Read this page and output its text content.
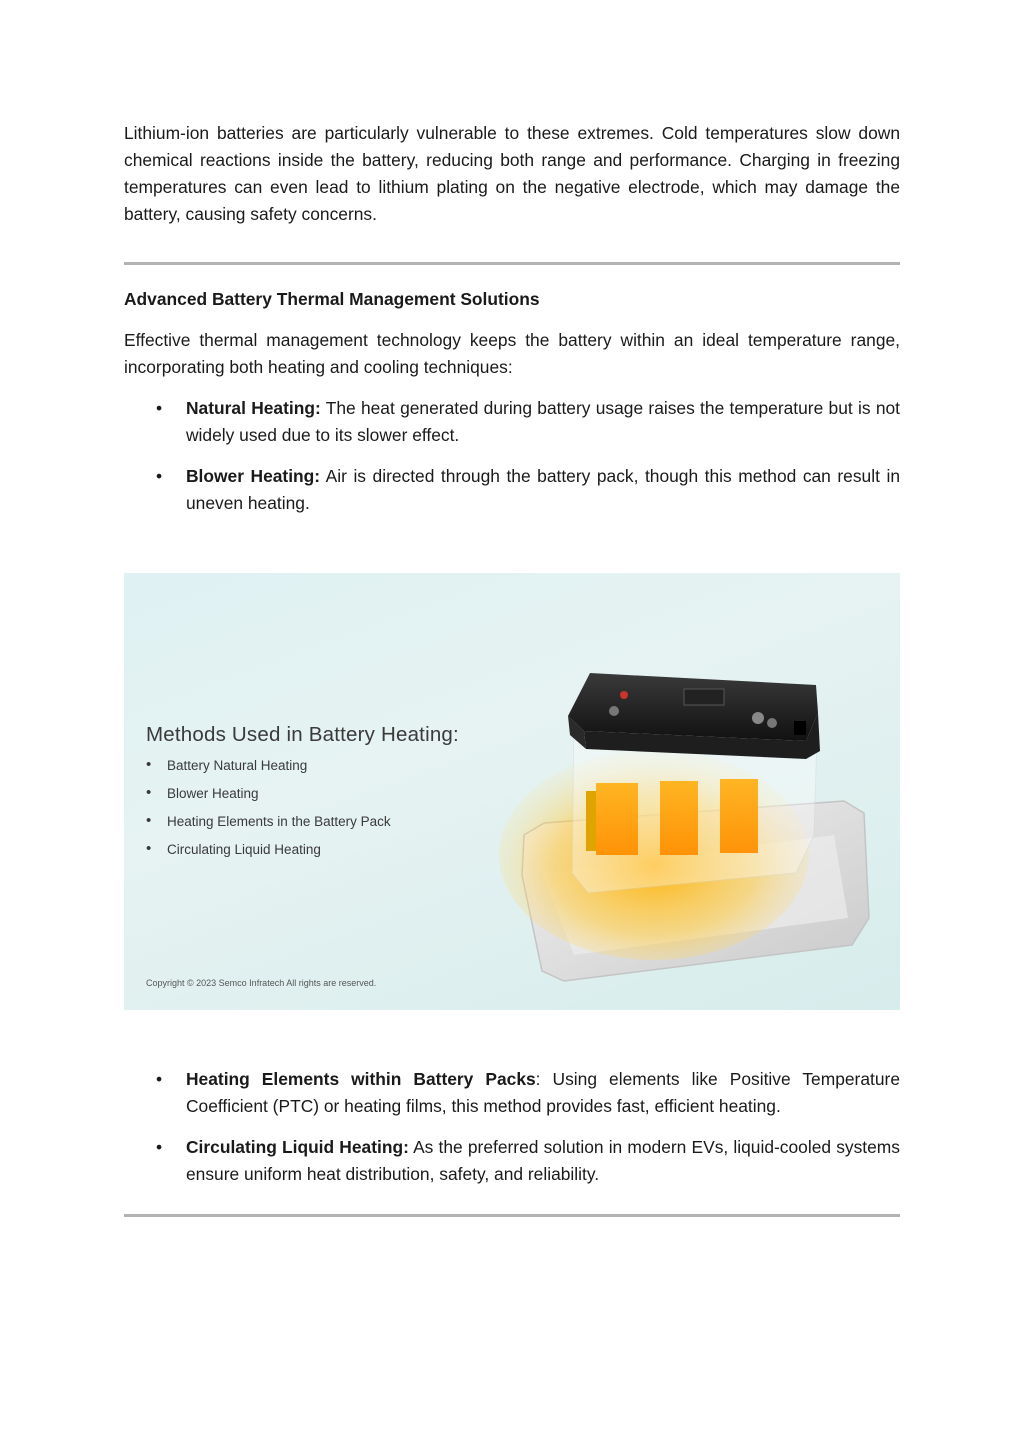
Lithium-ion batteries are particularly vulnerable to these extremes. Cold temperatures slow down chemical reactions inside the battery, reducing both range and performance. Charging in freezing temperatures can even lead to lithium plating on the negative electrode, which may damage the battery, causing safety concerns.

Advanced Battery Thermal Management Solutions

Effective thermal management technology keeps the battery within an ideal temperature range, incorporating both heating and cooling techniques:

• Natural Heating: The heat generated during battery usage raises the temperature but is not widely used due to its slower effect.
• Blower Heating: Air is directed through the battery pack, though this method can result in uneven heating.
Methods Used in Battery Heating:
• Battery Natural Heating
• Blower Heating
• Heating Elements in the Battery Pack
• Circulating Liquid Heating
Copyright © 2023 Semco Infratech All rights are reserved.
• Heating Elements within Battery Packs: Using elements like Positive Temperature Coefficient (PTC) or heating films, this method provides fast, efficient heating.
• Circulating Liquid Heating: As the preferred solution in modern EVs, liquid-cooled systems ensure uniform heat distribution, safety, and reliability.
